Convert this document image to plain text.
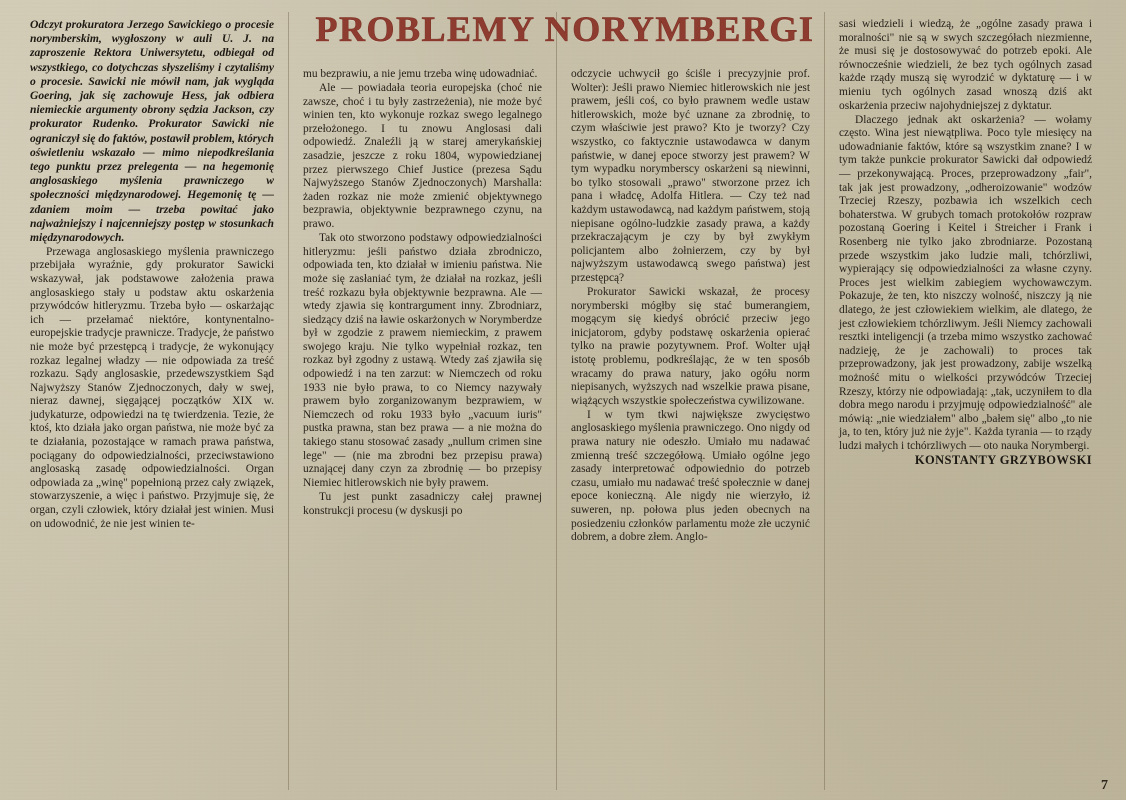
PROBLEMY NORYMBERGI

Odczyt prokuratora Jerzego Sawickiego o procesie norymberskim, wygłoszony w auli U. J. na zaproszenie Rektora Uniwersytetu, odbiegał od wszystkiego, co dotychczas słyszeliśmy i czytaliśmy o procesie. Sawicki nie mówił nam, jak wygląda Goering, jak się zachowuje Hess, jak odbiera niemieckie argumenty obrony sędzia Jackson, czy prokurator Rudenko. Prokurator Sawicki nie ograniczył się do faktów, postawił problem, których oświetleniu wskazało — mimo niepodkreślania tego punktu przez prelegenta — na hegemonię anglosaskiego myślenia prawniczego w społeczności międzynarodowej. Hegemonię tę — zdaniem moim — trzeba powitać jako najważniejszy i najcenniejszy postęp w stosunkach międzynarodowych.

Przewaga anglosaskiego myślenia prawniczego przebijała wyraźnie, gdy prokurator Sawicki wskazywał, jak podstawowe założenia prawa anglosaskiego stały u podstaw aktu oskarżenia przywódców hitleryzmu. Trzeba było — oskarżając ich — przełamać niektóre, kontynentalno-europejskie tradycje prawnicze. Tradycje, że państwo nie może być przestępcą i tradycje, że wykonujący rozkaz legalnej władzy — nie odpowiada za treść rozkazu. Sądy anglosaskie, przedewszystkiem Sąd Najwyższy Stanów Zjednoczonych, dały w swej, nieraz dawnej, sięgającej początków XIX w. judykaturze, odpowiedzi na tę twierdzenia. Tezie, że ktoś, kto działa jako organ państwa, nie może być za te działania, pozostające w ramach prawa państwa, pociągany do odpowiedzialności, przeciwstawiono anglosaską zasadę odpowiedzialności. Organ odpowiada za „winę" popełnioną przez cały związek, stowarzyszenie, a więc i państwo. Przyjmuje się, że organ, czyli człowiek, który działał jest winien. Musi on udowodnić, że nie jest winien te-

mu bezprawiu, a nie jemu trzeba winę udowadniać.

Ale — powiadała teoria europejska (choć nie zawsze, choć i tu były zastrzeżenia), nie może być winien ten, kto wykonuje rozkaz swego legalnego przełożonego. I tu znowu Anglosasi dali odpowiedź. Znaleźli ją w starej amerykańskiej zasadzie, jeszcze z roku 1804, wypowiedzianej przez pierwszego Chief Justice (prezesa Sądu Najwyższego Stanów Zjednoczonych) Marshalla: żaden rozkaz nie może zmienić objektywnego bezprawia, objektywnie bezprawnego czynu, na prawo.

Tak oto stworzono podstawy odpowiedzialności hitleryzmu: jeśli państwo działa zbrodniczo, odpowiada ten, kto działał w imieniu państwa. Nie może się zasłaniać tym, że działał na rozkaz, jeśli treść rozkazu była objektywnie bezprawna. Ale — wtedy zjawia się kontrargument inny. Zbrodniarz, siedzący dziś na ławie oskarżonych w Norymberdze był w zgodzie z prawem niemieckim, z prawem swojego kraju. Nie tylko wypełniał rozkaz, ten rozkaz był zgodny z ustawą. Wtedy zaś zjawiła się odpowiedź i na ten zarzut: w Niemczech od roku 1933 nie było prawa, to co Niemcy nazywały prawem było zorganizowanym bezprawiem, w Niemczech od roku 1933 było „vacuum iuris" pustka prawna, stan bez prawa — a nie można do takiego stanu stosować zasady „nullum crimen sine lege" — (nie ma zbrodni bez przepisu prawa) uznającej dany czyn za zbrodnię — bo przepisy Niemiec hitlerowskich nie były prawem.

Tu jest punkt zasadniczy całej prawnej konstrukcji procesu (w dyskusji po

odczycie uchwycił go ściśle i precyzyjnie prof. Wolter): Jeśli prawo Niemiec hitlerowskich nie jest prawem, jeśli coś, co było prawnem wedle ustaw hitlerowskich, może być uznane za zbrodnię, to czym właściwie jest prawo? Kto je tworzy? Czy wszystko, co faktycznie ustawodawca w danym państwie, w danej epoce stworzy jest prawem? W tym wypadku norymberscy oskarżeni są niewinni, bo tylko stosowali „prawo" stworzone przez ich pana i władcę, Adolfa Hitlera. — Czy też nad każdym ustawodawcą, nad każdym państwem, stoją niepisane ogólno-ludzkie zasady prawa, a każdy przekraczającym je czy by był zwykłym policjantem albo żołnierzem, czy by był najwyższym ustawodawcą swego państwa) jest przestępcą?

Prokurator Sawicki wskazał, że procesy norymberski mógłby się stać bumerangiem, mogącym się kiedyś obrócić przeciw jego inicjatorom, gdyby podstawę oskarżenia opierać tylko na prawie pozytywnem. Prof. Wolter ujął istotę problemu, podkreślając, że w ten sposób wracamy do prawa natury, jako ogółu norm niepisanych, wyższych nad wszelkie prawa pisane, wiążących wszystkie społeczeństwa cywilizowane.

I w tym tkwi największe zwycięstwo anglosaskiego myślenia prawniczego. Ono nigdy od prawa natury nie odeszło. Umiało mu nadawać zmienną treść szczegółową. Umiało ogólne jego zasady interpretować odpowiednio do potrzeb czasu, umiało mu nadawać treść społecznie w danej epoce konieczną. Ale nigdy nie wierzyło, iż suweren, np. połowa plus jeden obecnych na posiedzeniu członków parlamentu może złe uczynić dobrem, a dobre złem. Anglo-

sasi wiedzieli i wiedzą, że „ogólne zasady prawa i moralności" nie są w swych szczegółach niezmienne, że musi się je dostosowywać do potrzeb epoki. Ale równocześnie wiedzieli, że bez tych ogólnych zasad każde rządy muszą się wyrodzić w dyktaturę — i w mieniu tych ogólnych zasad wnoszą dziś akt oskarżenia przeciw najohydniejszej z dyktatur.

Dlaczego jednak akt oskarżenia? — wołamy często. Wina jest niewątpliwa. Poco tyle miesięcy na udowadnianie faktów, które są wszystkim znane? I w tym także punkcie prokurator Sawicki dał odpowiedź — przekonywającą. Proces, przeprowadzony „fair", tak jak jest prowadzony, „odheroizowanie" wodzów Trzeciej Rzeszy, pozbawia ich wszelkich cech bohaterstwa. W grubych tomach protokołów rozpraw pozostaną Goering i Keitel i Streicher i Frank i Rosenberg nie tylko jako zbrodniarze. Pozostaną przede wszystkim jako ludzie mali, tchórzliwi, wypierający się odpowiedzialności za własne czyny. Proces jest wielkim zabiegiem wychowawczym. Pokazuje, że ten, kto niszczy wolność, niszczy ją nie dlatego, że jest człowiekiem wielkim, ale dlatego, że jest człowiekiem tchórzliwym. Jeśli Niemcy zachowali resztki inteligencji (a trzeba mimo wszystko zachować nadzieję, że je zachowali) to proces tak przeprowadzony, jak jest prowadzony, zabije wszelką możność mitu o wielkości przywódców Trzeciej Rzeszy, którzy nie odpowiadają: „tak, uczyniłem to dla dobra mego narodu i przyjmuję odpowiedzialność" ale mówią: „nie wiedziałem" albo „bałem się" albo „to nie ja, to ten, który już nie żyje". Każda tyrania — to rządy ludzi małych i tchórzliwych — oto nauka Norymbergi.

KONSTANTY GRZYBOWSKI

7
